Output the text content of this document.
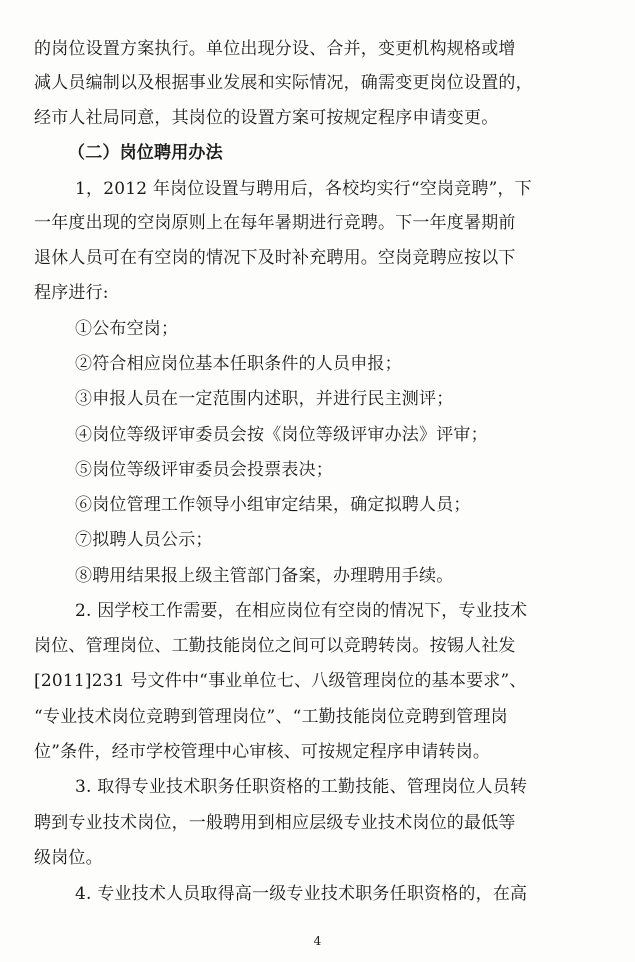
的岗位设置方案执行。单位出现分设、合并，变更机构规格或增
减人员编制以及根据事业发展和实际情况，确需变更岗位设置的，
经市人社局同意，其岗位的设置方案可按规定程序申请变更。
（二）岗位聘用办法
1，2012 年岗位设置与聘用后，各校均实行“空岗竞聘”，下
一年度出现的空岗原则上在每年暑期进行竞聘。下一年度暑期前
退休人员可在有空岗的情况下及时补充聘用。空岗竞聘应按以下
程序进行:
①公布空岗；
②符合相应岗位基本任职条件的人员申报；
③申报人员在一定范围内述职，并进行民主测评；
④岗位等级评审委员会按《岗位等级评审办法》评审；
⑤岗位等级评审委员会投票表决；
⑥岗位管理工作领导小组审定结果，确定拟聘人员；
⑦拟聘人员公示；
⑧聘用结果报上级主管部门备案，办理聘用手续。
2. 因学校工作需要，在相应岗位有空岗的情况下，专业技术
岗位、管理岗位、工勤技能岗位之间可以竞聘转岗。按锡人社发
[2011]231 号文件中“事业单位七、八级管理岗位的基本要求”、
“专业技术岗位竞聘到管理岗位”、“工勤技能岗位竞聘到管理岗
位”条件，经市学校管理中心审核、可按规定程序申请转岗。
3. 取得专业技术职务任职资格的工勤技能、管理岗位人员转
聘到专业技术岗位，一般聘用到相应层级专业技术岗位的最低等
级岗位。
4. 专业技术人员取得高一级专业技术职务任职资格的，在高
4
